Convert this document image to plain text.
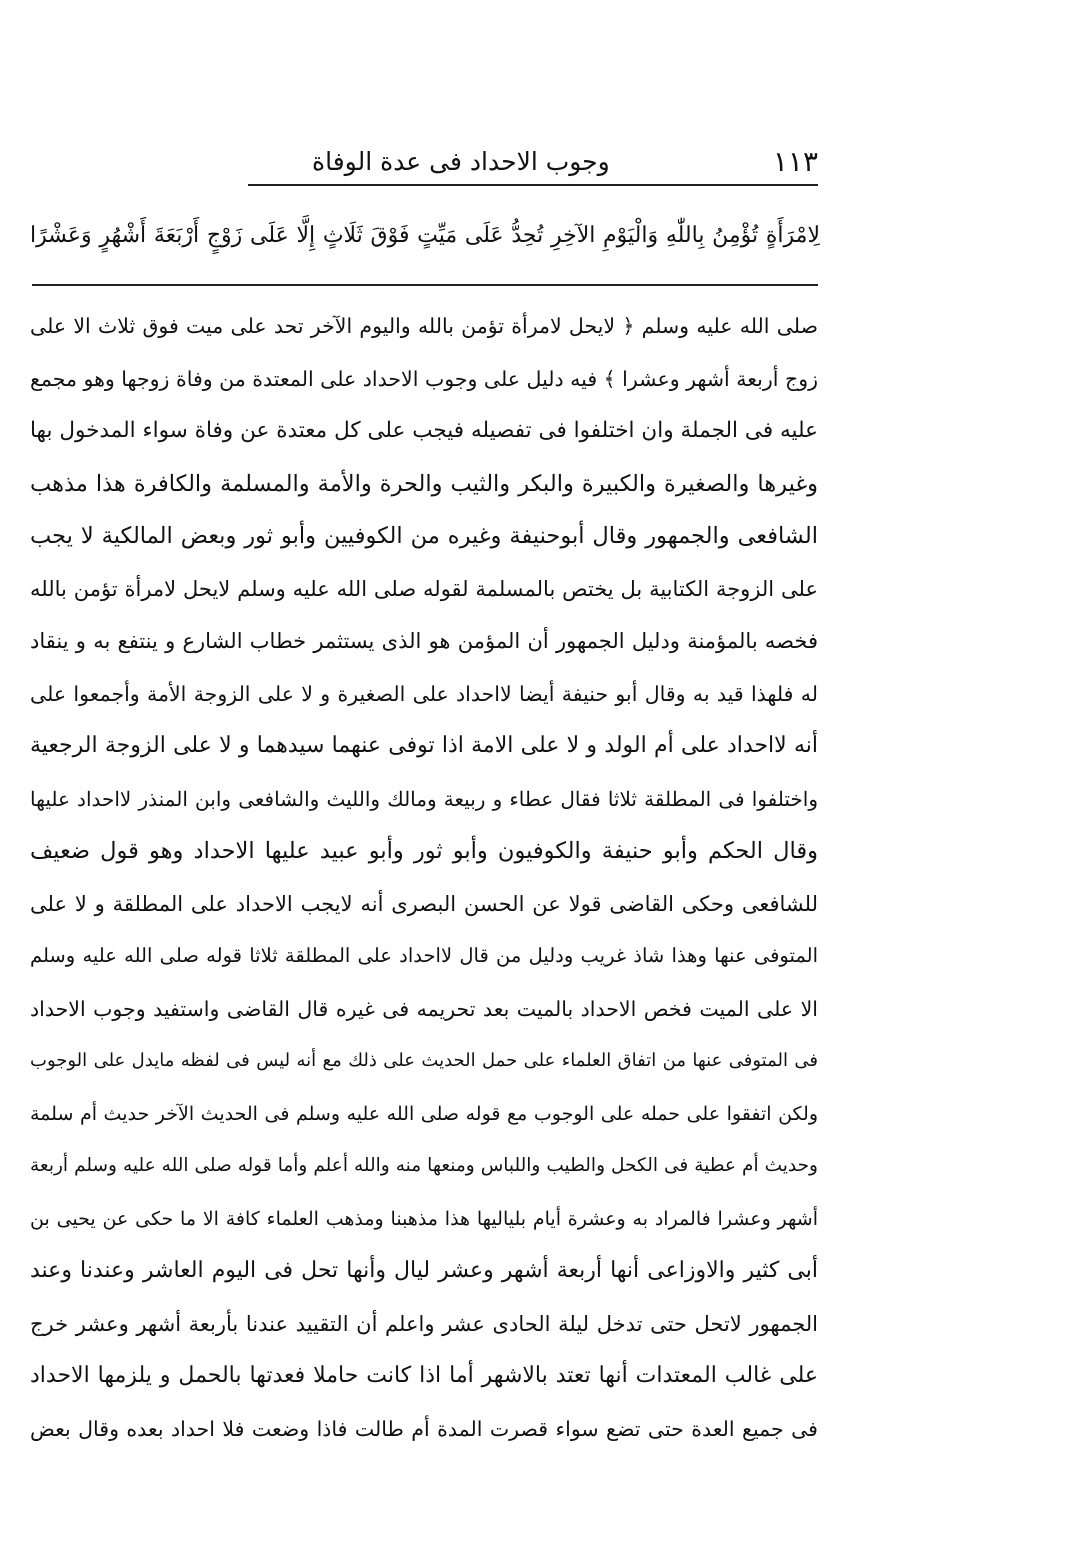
١١٣
وجوب الاحداد فى عدة الوفاة
لِامْرَأَةٍ تُؤْمِنُ بِاللّٰهِ وَالْيَوْمِ الآخِرِ تُحِدُّ عَلَى مَيِّتٍ فَوْقَ ثَلَاثٍ إِلَّا عَلَى زَوْجٍ أَرْبَعَةَ أَشْهُرٍ وَعَشْرًا
صلى الله عليه وسلم ﴿ لايحل لامرأة تؤمن بالله واليوم الآخر تحد على ميت فوق ثلاث الا على
زوج أربعة أشهر وعشرا ﴾ فيه دليل على وجوب الاحداد على المعتدة من وفاة زوجها وهو مجمع
عليه فى الجملة وان اختلفوا فى تفصيله فيجب على كل معتدة عن وفاة سواء المدخول بها
وغيرها والصغيرة والكبيرة والبكر والثيب والحرة والأمة والمسلمة والكافرة هذا مذهب
الشافعى والجمهور وقال أبوحنيفة وغيره من الكوفيين وأبو ثور وبعض المالكية لا يجب
على الزوجة الكتابية بل يختص بالمسلمة لقوله صلى الله عليه وسلم لايحل لامرأة تؤمن بالله
فخصه بالمؤمنة ودليل الجمهور أن المؤمن هو الذى يستثمر خطاب الشارع و ينتفع به و ينقاد
له فلهذا قيد به وقال أبو حنيفة أيضا لااحداد على الصغيرة و لا على الزوجة الأمة وأجمعوا على
أنه لااحداد على أم الولد و لا على الامة اذا توفى عنهما سيدهما و لا على الزوجة الرجعية
واختلفوا فى المطلقة ثلاثا فقال عطاء و ربيعة ومالك والليث والشافعى وابن المنذر لااحداد عليها
وقال الحكم وأبو حنيفة والكوفيون وأبو ثور وأبو عبيد عليها الاحداد وهو قول ضعيف
للشافعى وحكى القاضى قولا عن الحسن البصرى أنه لايجب الاحداد على المطلقة و لا على
المتوفى عنها وهذا شاذ غريب ودليل من قال لااحداد على المطلقة ثلاثا قوله صلى الله عليه وسلم
الا على الميت فخص الاحداد بالميت بعد تحريمه فى غيره قال القاضى واستفيد وجوب الاحداد
فى المتوفى عنها من اتفاق العلماء على حمل الحديث على ذلك مع أنه ليس فى لفظه مايدل على الوجوب
ولكن اتفقوا على حمله على الوجوب مع قوله صلى الله عليه وسلم فى الحديث الآخر حديث أم سلمة
وحديث أم عطية فى الكحل والطيب واللباس ومنعها منه والله أعلم وأما قوله صلى الله عليه وسلم أربعة
أشهر وعشرا فالمراد به وعشرة أيام بلياليها هذا مذهبنا ومذهب العلماء كافة الا ما حكى عن يحيى بن
أبى كثير والاوزاعى أنها أربعة أشهر وعشر ليال وأنها تحل فى اليوم العاشر وعندنا وعند
الجمهور لاتحل حتى تدخل ليلة الحادى عشر واعلم أن التقييد عندنا بأربعة أشهر وعشر خرج
على غالب المعتدات أنها تعتد بالاشهر أما اذا كانت حاملا فعدتها بالحمل و يلزمها الاحداد
فى جميع العدة حتى تضع سواء قصرت المدة أم طالت فاذا وضعت فلا احداد بعده وقال بعض
